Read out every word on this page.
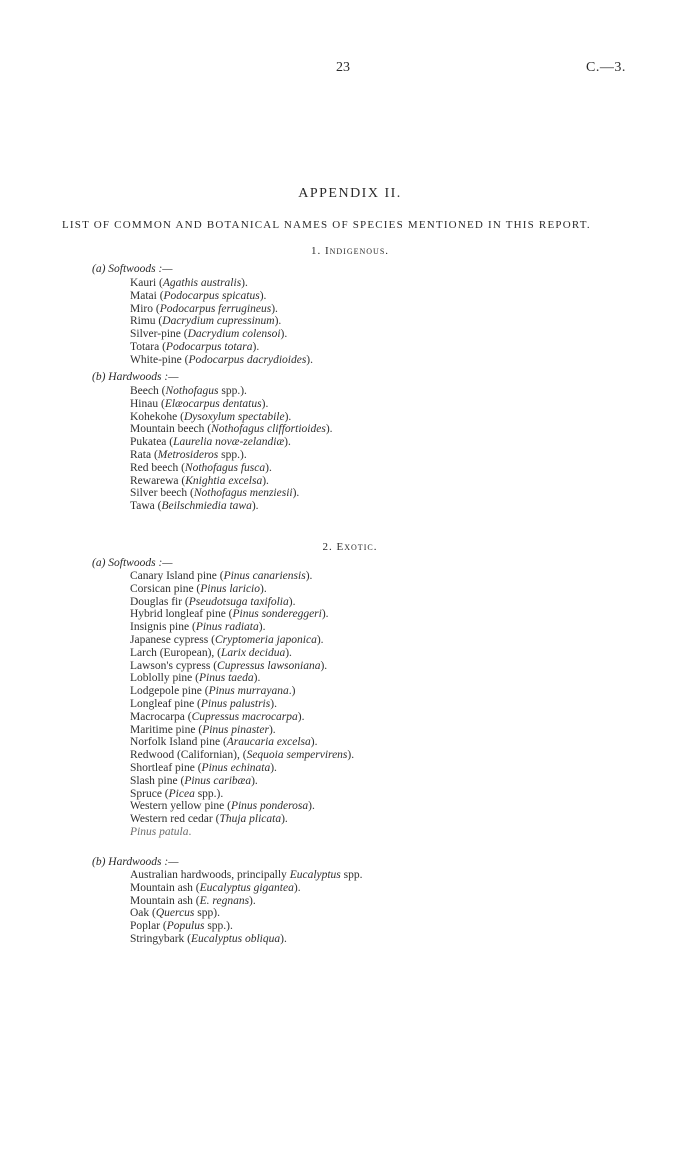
23	C.—3.
APPENDIX II.
LIST OF COMMON AND BOTANICAL NAMES OF SPECIES MENTIONED IN THIS REPORT.
1. Indigenous.
(a) Softwoods :—
Kauri (Agathis australis).
Matai (Podocarpus spicatus).
Miro (Podocarpus ferrugineus).
Rimu (Dacrydium cupressinum).
Silver-pine (Dacrydium colensoi).
Totara (Podocarpus totara).
White-pine (Podocarpus dacrydioides).
(b) Hardwoods :—
Beech (Nothofagus spp.).
Hinau (Elæocarpus dentatus).
Kohekohe (Dysoxylum spectabile).
Mountain beech (Nothofagus cliffortioides).
Pukatea (Laurelia novæ-zelandiæ).
Rata (Metrosideros spp.).
Red beech (Nothofagus fusca).
Rewarewa (Knightia excelsa).
Silver beech (Nothofagus menziesii).
Tawa (Beilschmiedia tawa).
2. Exotic.
(a) Softwoods :—
Canary Island pine (Pinus canariensis).
Corsican pine (Pinus laricio).
Douglas fir (Pseudotsuga taxifolia).
Hybrid longleaf pine (Pinus sondereggeri).
Insignis pine (Pinus radiata).
Japanese cypress (Cryptomeria japonica).
Larch (European), (Larix decidua).
Lawson's cypress (Cupressus lawsoniana).
Loblolly pine (Pinus taeda).
Lodgepole pine (Pinus murrayana.)
Longleaf pine (Pinus palustris).
Macrocarpa (Cupressus macrocarpa).
Maritime pine (Pinus pinaster).
Norfolk Island pine (Araucaria excelsa).
Redwood (Californian), (Sequoia sempervirens).
Shortleaf pine (Pinus echinata).
Slash pine (Pinus caribæa).
Spruce (Picea spp.).
Western yellow pine (Pinus ponderosa).
Western red cedar (Thuja plicata).
Pinus patula.
(b) Hardwoods :—
Australian hardwoods, principally Eucalyptus spp.
Mountain ash (Eucalyptus gigantea).
Mountain ash (E. regnans).
Oak (Quercus spp).
Poplar (Populus spp.).
Stringybark (Eucalyptus obliqua).
